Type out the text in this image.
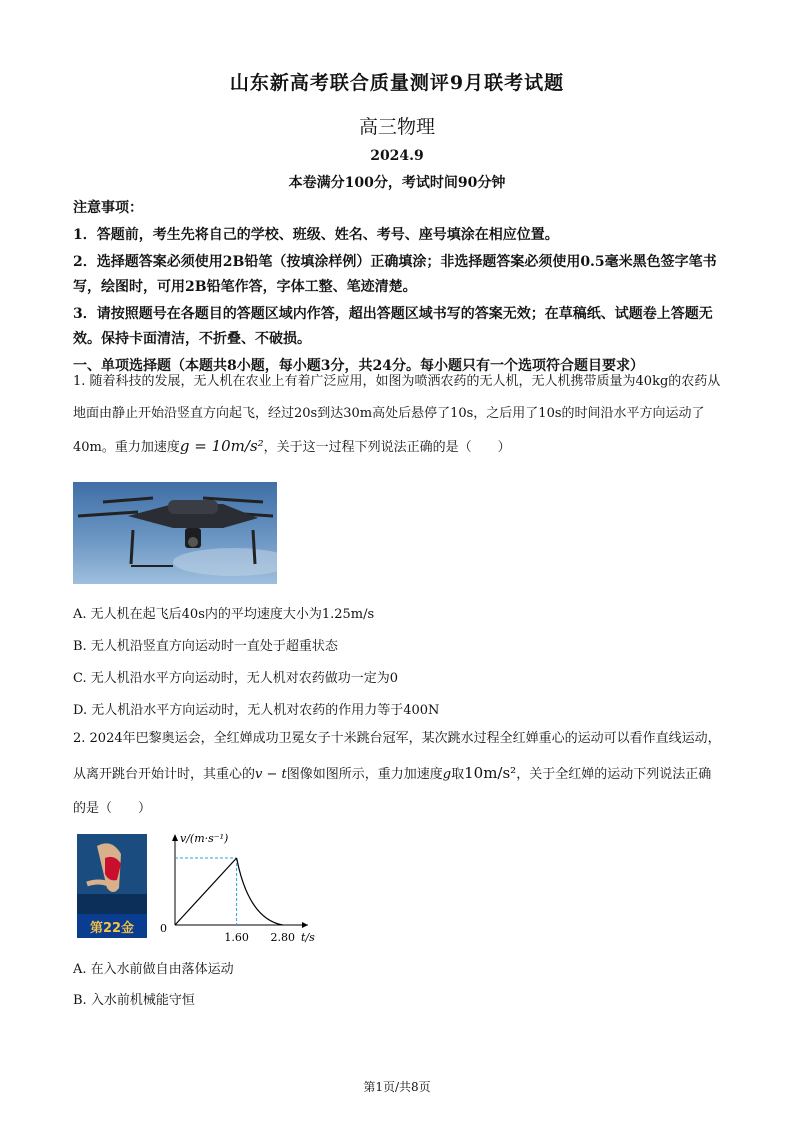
山东新高考联合质量测评9月联考试题
高三物理
2024.9
本卷满分100分，考试时间90分钟
注意事项：
1．答题前，考生先将自己的学校、班级、姓名、考号、座号填涂在相应位置。
2．选择题答案必须使用2B铅笔（按填涂样例）正确填涂；非选择题答案必须使用0.5毫米黑色签字笔书写，绘图时，可用2B铅笔作答，字体工整、笔迹清楚。
3．请按照题号在各题目的答题区域内作答，超出答题区域书写的答案无效；在草稿纸、试题卷上答题无效。保持卡面清洁，不折叠、不破损。
一、单项选择题（本题共8小题，每小题3分，共24分。每小题只有一个选项符合题目要求）
1. 随着科技的发展，无人机在农业上有着广泛应用，如图为喷洒农药的无人机，无人机携带质量为40kg的农药从地面由静止开始沿竖直方向起飞，经过20s到达30m高处后悬停了10s，之后用了10s的时间沿水平方向运动了40m。重力加速度g = 10m/s²，关于这一过程下列说法正确的是（　　）
A. 无人机在起飞后40s内的平均速度大小为1.25m/s
B. 无人机沿竖直方向运动时一直处于超重状态
C. 无人机沿水平方向运动时，无人机对农药做功一定为0
D. 无人机沿水平方向运动时，无人机对农药的作用力等于400N
2. 2024年巴黎奥运会，全红婵成功卫冕女子十米跳台冠军，某次跳水过程全红婵重心的运动可以看作直线运动，从离开跳台开始计时，其重心的v − t图像如图所示，重力加速度g取10m/s²，关于全红婵的运动下列说法正确的是（　　）
第22金
v/(m·s⁻¹)
0
1.60 2.80 t/s
A. 在入水前做自由落体运动
B. 入水前机械能守恒
第1页/共8页
